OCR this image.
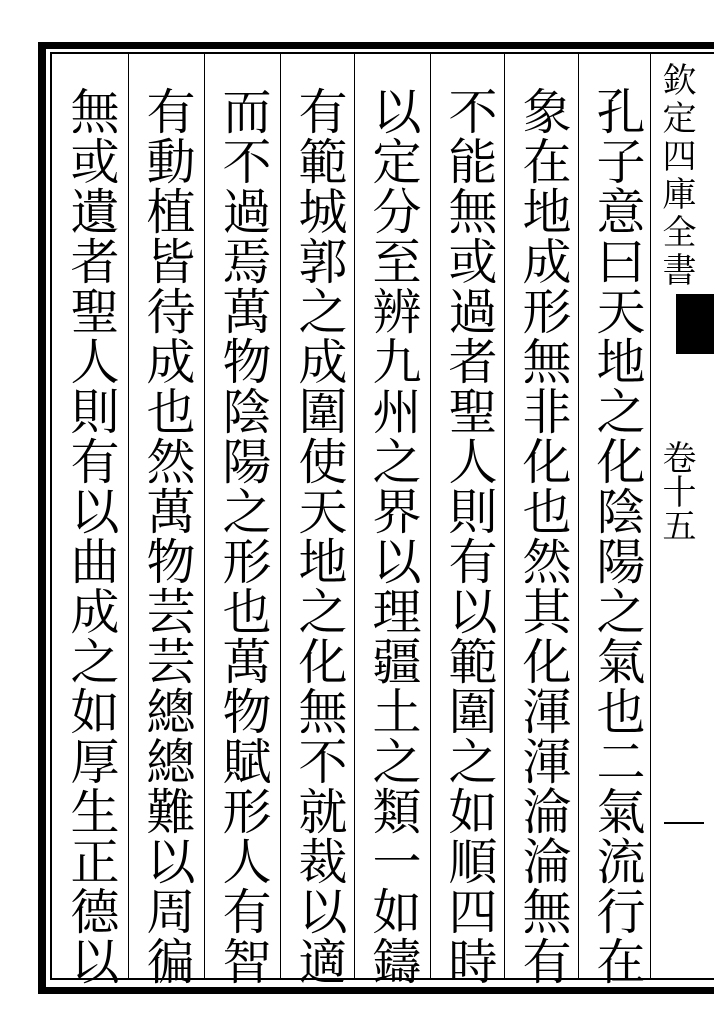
孔子意曰天地之化陰陽之氣也二氣流行在
象在地成形無非化也然其化渾渾淪淪無有
不能無或過者聖人則有以範圍之如順四時
以定分至辨九州之界以理疆土之類一如鑄
有範城郭之成圍使天地之化無不就裁以適
而不過焉萬物陰陽之形也萬物賦形人有智
有動植皆待成也然萬物芸芸總總難以周徧
無或遺者聖人則有以曲成之如厚生正德以
欽定四庫全書
卷十五
